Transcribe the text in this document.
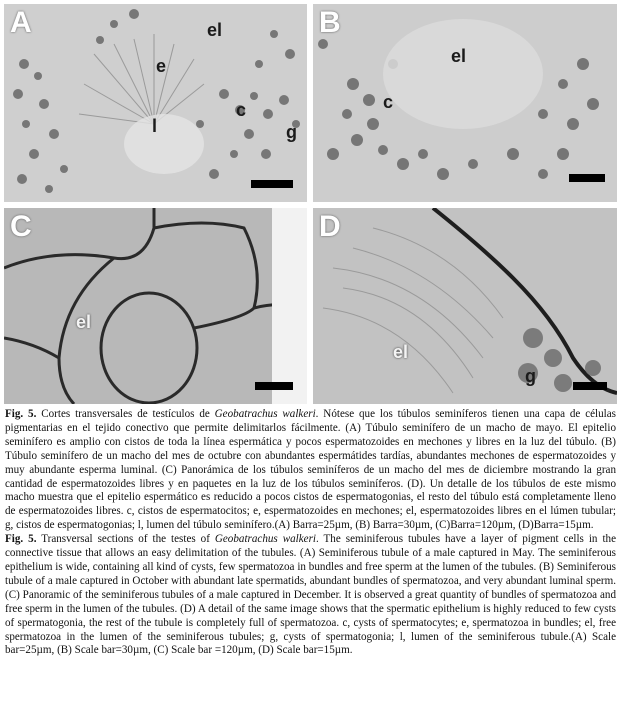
A	el
e
c
l	g
B
el
c
C
el
D
el
g

Fig. 5. Cortes transversales de testículos de Geobatrachus walkeri. Nótese que los túbulos seminíferos tienen una capa de células pigmentarias en el tejido conectivo que permite delimitarlos fácilmente. (A) Túbulo seminífero de un macho de mayo. El epitelio seminífero es amplio con cistos de toda la línea espermática y pocos espermatozoides en mechones y libres en la luz del túbulo. (B) Túbulo seminífero de un macho del mes de octubre con abundantes espermátides tardías, abundantes mechones de espermatozoides y muy abundante esperma luminal. (C) Panorámica de los túbulos seminíferos de un macho del mes de diciembre mostrando la gran cantidad de espermatozoides libres y en paquetes en la luz de los túbulos seminíferos. (D). Un detalle de los túbulos de este mismo macho muestra que el epitelio espermático es reducido a pocos cistos de espermatogonias, el resto del túbulo está completamente lleno de espermatozoides libres. c, cistos de espermatocitos; e, espermatozoides en mechones; el, espermatozoides libres en el lúmen tubular; g, cistos de espermatogonias; l, lumen del túbulo seminífero.(A) Barra=25µm, (B) Barra=30µm, (C)Barra=120µm, (D)Barra=15µm.

Fig. 5. Transversal sections of the testes of Geobatrachus walkeri. The seminiferous tubules have a layer of pigment cells in the connective tissue that allows an easy delimitation of the tubules. (A) Seminiferous tubule of a male captured in May. The seminiferous epithelium is wide, containing all kind of cysts, few spermatozoa in bundles and free sperm at the lumen of the tubules. (B) Seminiferous tubule of a male captured in October with abundant late spermatids, abundant bundles of spermatozoa, and very abundant luminal sperm. (C) Panoramic of the seminiferous tubules of a male captured in December. It is observed a great quantity of bundles of spermatozoa and free sperm in the lumen of the tubules. (D) A detail of the same image shows that the spermatic epithelium is highly reduced to few cysts of spermatogonia, the rest of the tubule is completely full of spermatozoa. c, cysts of spermatocytes; e, spermatozoa in bundles; el, free spermatozoa in the lumen of the seminiferous tubules; g, cysts of spermatogonia; l, lumen of the seminiferous tubule.(A) Scale bar=25µm, (B) Scale bar=30µm, (C) Scale bar =120µm, (D) Scale bar=15µm.
